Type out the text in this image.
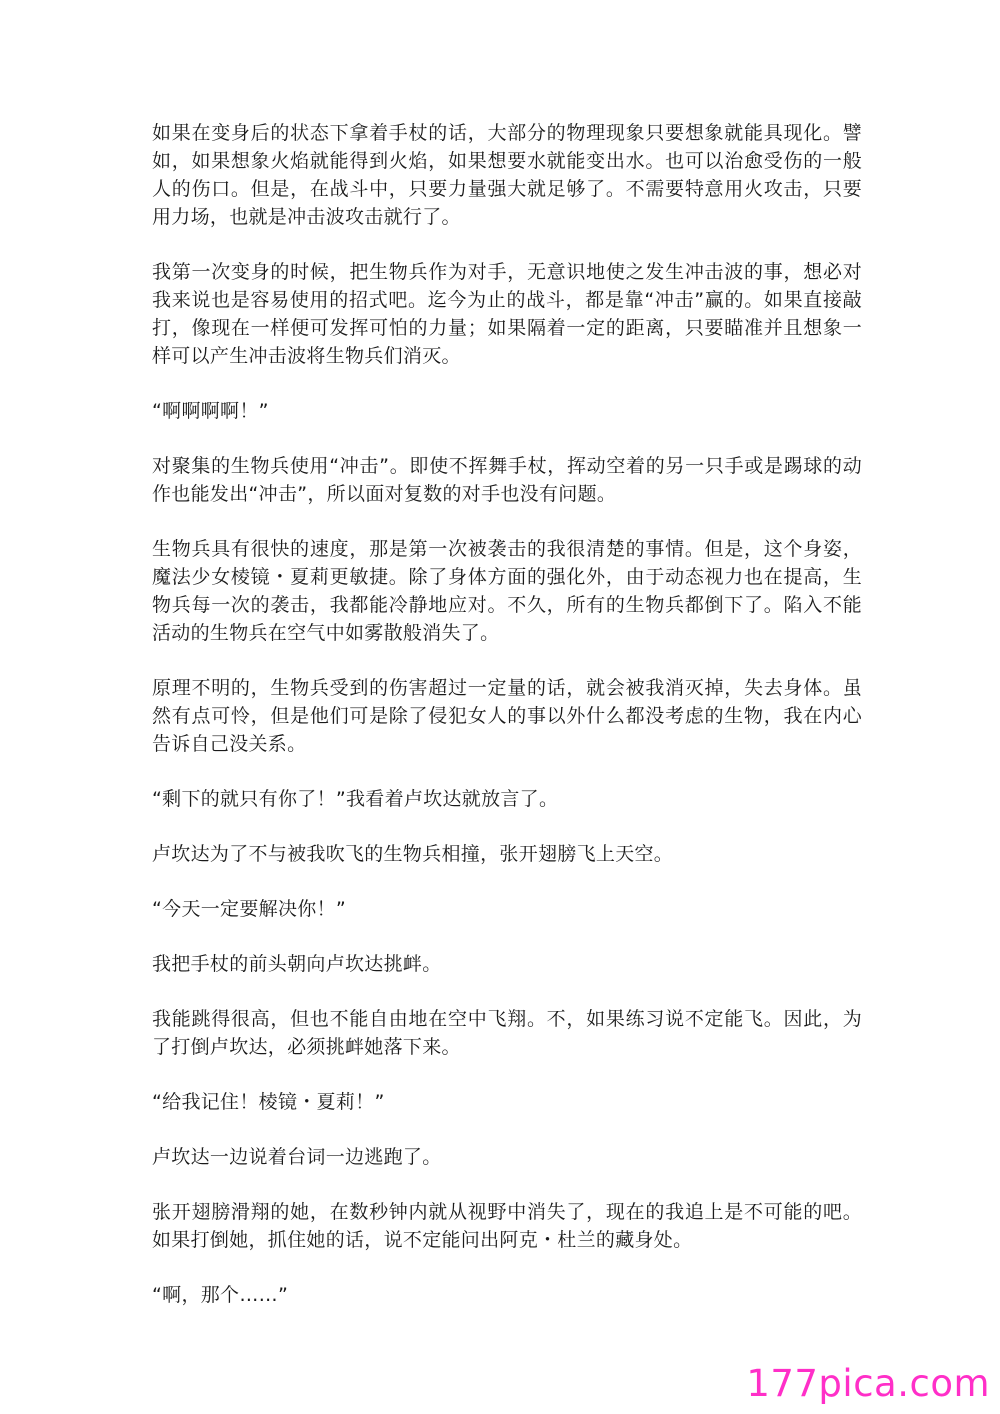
如果在变身后的状态下拿着手杖的话，大部分的物理现象只要想象就能具现化。譬如，如果想象火焰就能得到火焰，如果想要水就能变出水。也可以治愈受伤的一般人的伤口。但是，在战斗中，只要力量强大就足够了。不需要特意用火攻击，只要用力场，也就是冲击波攻击就行了。

我第一次变身的时候，把生物兵作为对手，无意识地使之发生冲击波的事，想必对我来说也是容易使用的招式吧。迄今为止的战斗，都是靠“冲击”赢的。如果直接敲打，像现在一样便可发挥可怕的力量；如果隔着一定的距离，只要瞄准并且想象一样可以产生冲击波将生物兵们消灭。

“啊啊啊啊！”

对聚集的生物兵使用“冲击”。即使不挥舞手杖，挥动空着的另一只手或是踢球的动作也能发出“冲击”，所以面对复数的对手也没有问题。

生物兵具有很快的速度，那是第一次被袭击的我很清楚的事情。但是，这个身姿，魔法少女棱镜・夏莉更敏捷。除了身体方面的强化外，由于动态视力也在提高，生物兵每一次的袭击，我都能冷静地应对。不久，所有的生物兵都倒下了。陷入不能活动的生物兵在空气中如雾散般消失了。

原理不明的，生物兵受到的伤害超过一定量的话，就会被我消灭掉，失去身体。虽然有点可怜，但是他们可是除了侵犯女人的事以外什么都没考虑的生物，我在内心告诉自己没关系。

“剩下的就只有你了！”我看着卢坎达就放言了。

卢坎达为了不与被我吹飞的生物兵相撞，张开翅膀飞上天空。

“今天一定要解决你！”

我把手杖的前头朝向卢坎达挑衅。

我能跳得很高，但也不能自由地在空中飞翔。不，如果练习说不定能飞。因此，为了打倒卢坎达，必须挑衅她落下来。

“给我记住！棱镜・夏莉！”

卢坎达一边说着台词一边逃跑了。

张开翅膀滑翔的她，在数秒钟内就从视野中消失了，现在的我追上是不可能的吧。如果打倒她，抓住她的话，说不定能问出阿克・杜兰的藏身处。

“啊，那个……”

177pica.com
